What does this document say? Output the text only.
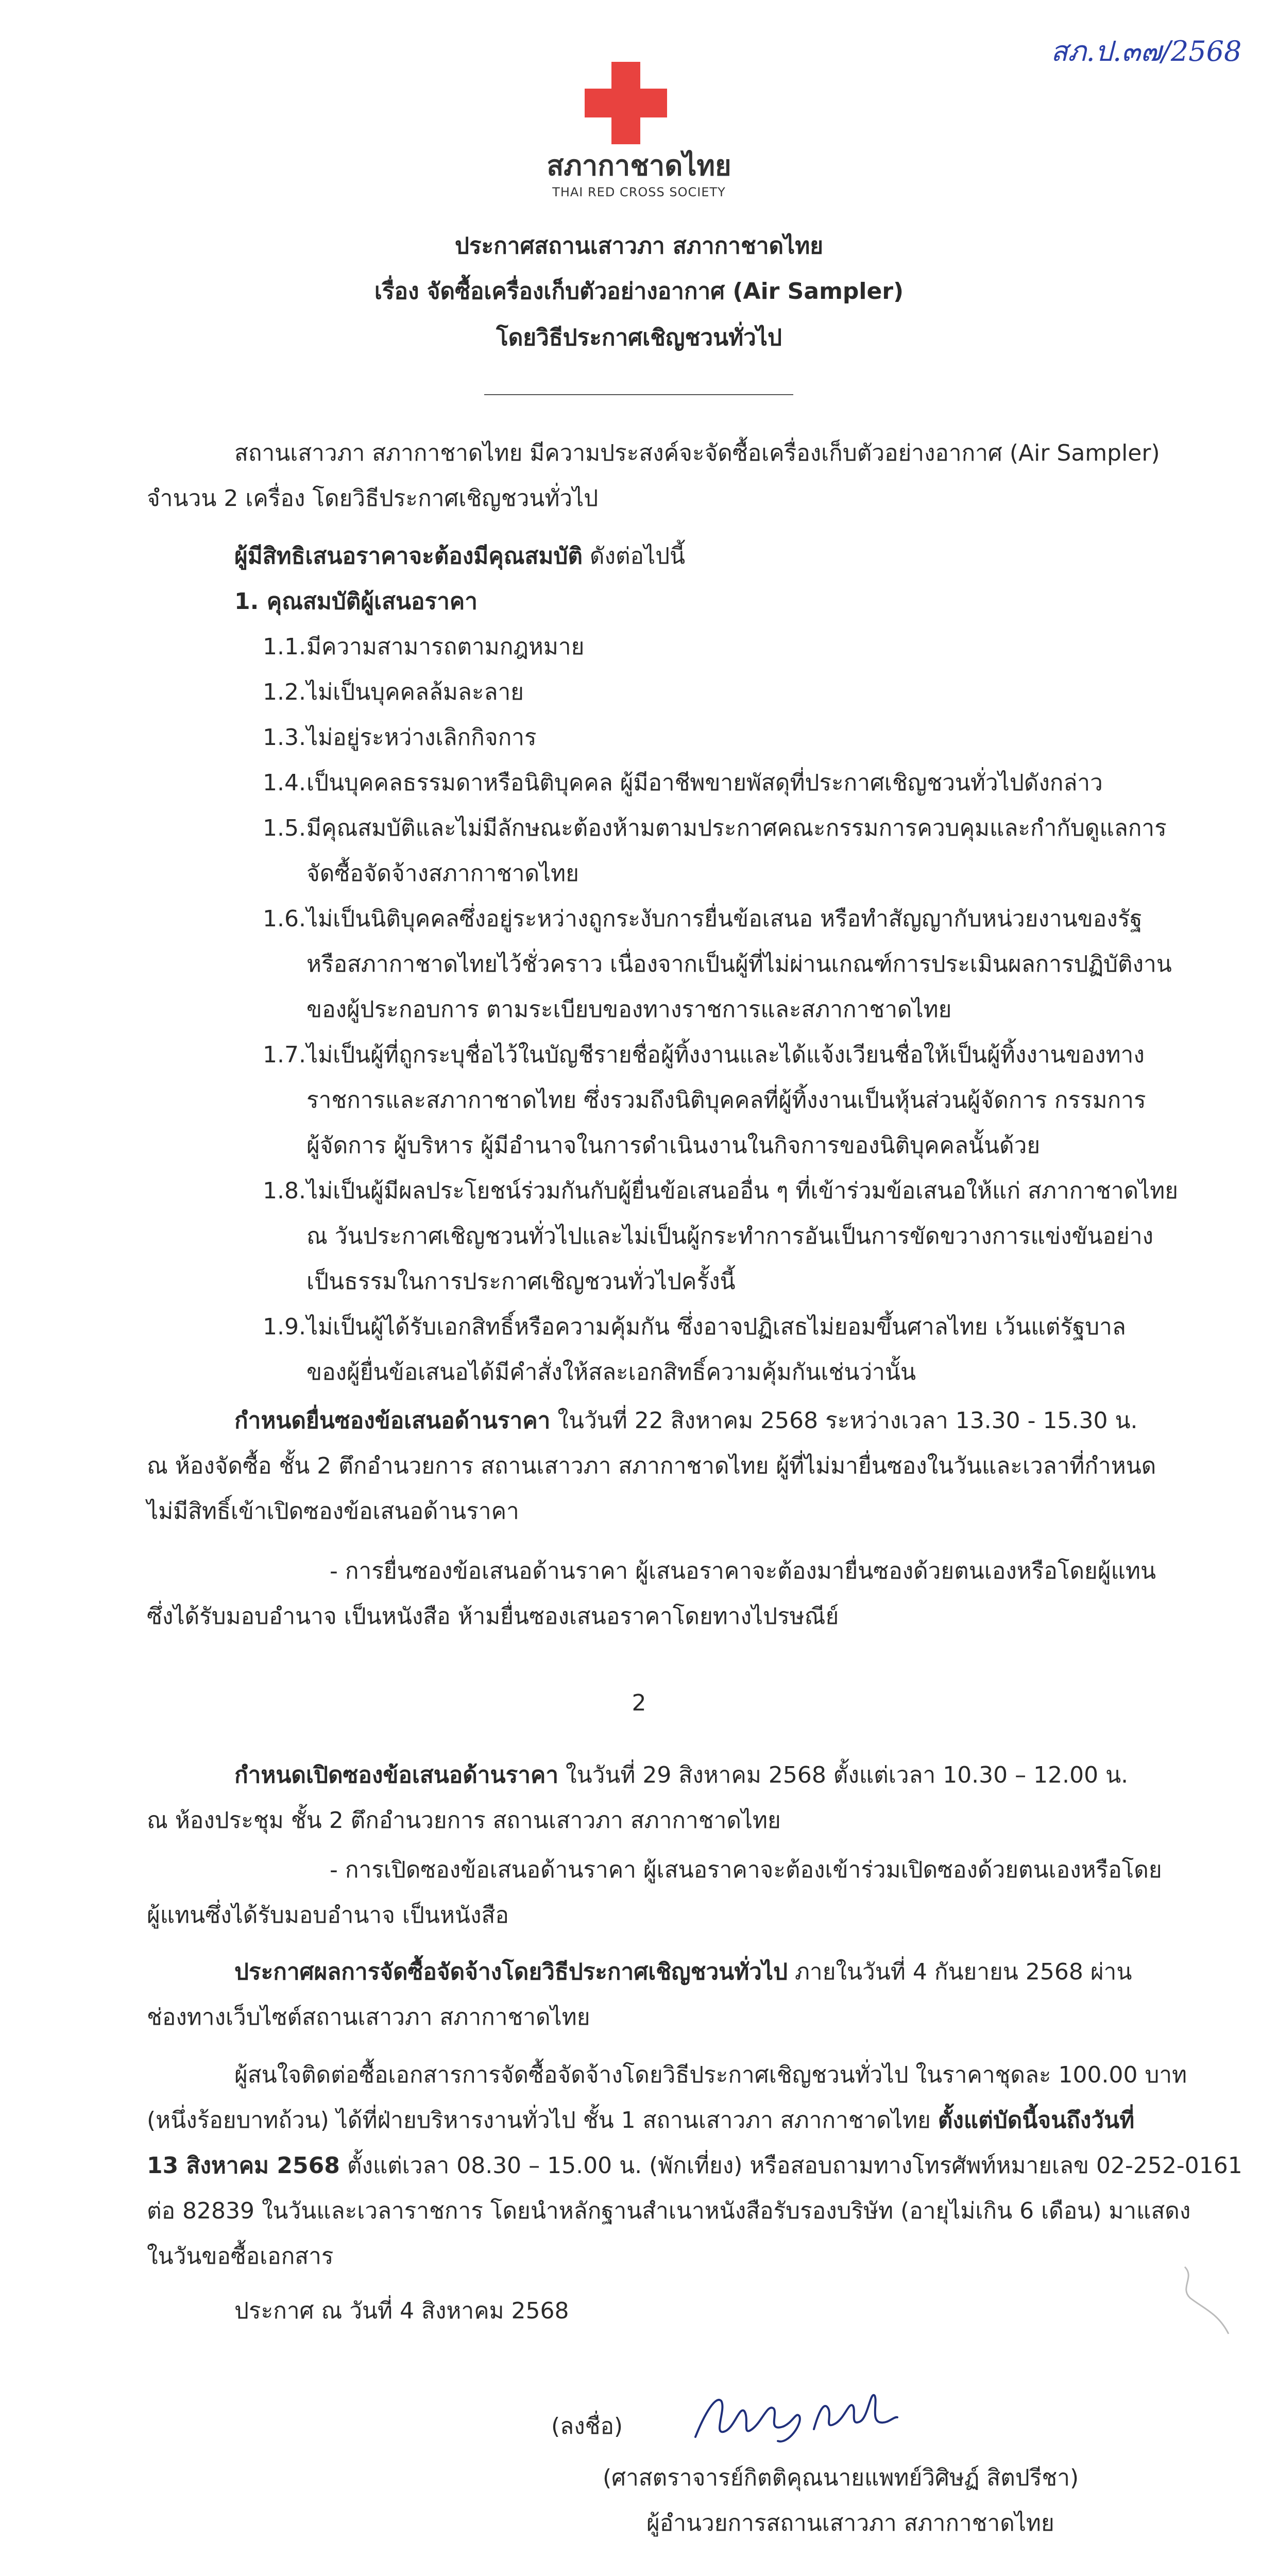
สภ.ป.๓๗/2568
สภากาชาดไทย
THAI RED CROSS SOCIETY
ประกาศสถานเสาวภา สภากาชาดไทย
เรื่อง จัดซื้อเครื่องเก็บตัวอย่างอากาศ (Air Sampler)
โดยวิธีประกาศเชิญชวนทั่วไป
สถานเสาวภา สภากาชาดไทย มีความประสงค์จะจัดซื้อเครื่องเก็บตัวอย่างอากาศ (Air Sampler)
จำนวน 2 เครื่อง โดยวิธีประกาศเชิญชวนทั่วไป
ผู้มีสิทธิเสนอราคาจะต้องมีคุณสมบัติ ดังต่อไปนี้
1. คุณสมบัติผู้เสนอราคา
1.1. มีความสามารถตามกฎหมาย
1.2. ไม่เป็นบุคคลล้มละลาย
1.3. ไม่อยู่ระหว่างเลิกกิจการ
1.4. เป็นบุคคลธรรมดาหรือนิติบุคคล ผู้มีอาชีพขายพัสดุที่ประกาศเชิญชวนทั่วไปดังกล่าว
1.5. มีคุณสมบัติและไม่มีลักษณะต้องห้ามตามประกาศคณะกรรมการควบคุมและกำกับดูแลการ
จัดซื้อจัดจ้างสภากาชาดไทย
1.6. ไม่เป็นนิติบุคคลซึ่งอยู่ระหว่างถูกระงับการยื่นข้อเสนอ หรือทำสัญญากับหน่วยงานของรัฐ
หรือสภากาชาดไทยไว้ชั่วคราว เนื่องจากเป็นผู้ที่ไม่ผ่านเกณฑ์การประเมินผลการปฏิบัติงาน
ของผู้ประกอบการ ตามระเบียบของทางราชการและสภากาชาดไทย
1.7. ไม่เป็นผู้ที่ถูกระบุชื่อไว้ในบัญชีรายชื่อผู้ทิ้งงานและได้แจ้งเวียนชื่อให้เป็นผู้ทิ้งงานของทาง
ราชการและสภากาชาดไทย ซึ่งรวมถึงนิติบุคคลที่ผู้ทิ้งงานเป็นหุ้นส่วนผู้จัดการ กรรมการ
ผู้จัดการ ผู้บริหาร ผู้มีอำนาจในการดำเนินงานในกิจการของนิติบุคคลนั้นด้วย
1.8. ไม่เป็นผู้มีผลประโยชน์ร่วมกันกับผู้ยื่นข้อเสนออื่น ๆ ที่เข้าร่วมข้อเสนอให้แก่ สภากาชาดไทย
ณ วันประกาศเชิญชวนทั่วไปและไม่เป็นผู้กระทำการอันเป็นการขัดขวางการแข่งขันอย่าง
เป็นธรรมในการประกาศเชิญชวนทั่วไปครั้งนี้
1.9. ไม่เป็นผู้ได้รับเอกสิทธิ์หรือความคุ้มกัน ซึ่งอาจปฏิเสธไม่ยอมขึ้นศาลไทย เว้นแต่รัฐบาล
ของผู้ยื่นข้อเสนอได้มีคำสั่งให้สละเอกสิทธิ์ความคุ้มกันเช่นว่านั้น
กำหนดยื่นซองข้อเสนอด้านราคา ในวันที่ 22 สิงหาคม 2568 ระหว่างเวลา 13.30 - 15.30 น.
ณ ห้องจัดซื้อ ชั้น 2 ตึกอำนวยการ สถานเสาวภา สภากาชาดไทย ผู้ที่ไม่มายื่นซองในวันและเวลาที่กำหนด
ไม่มีสิทธิ์เข้าเปิดซองข้อเสนอด้านราคา
- การยื่นซองข้อเสนอด้านราคา ผู้เสนอราคาจะต้องมายื่นซองด้วยตนเองหรือโดยผู้แทน
ซึ่งได้รับมอบอำนาจ เป็นหนังสือ ห้ามยื่นซองเสนอราคาโดยทางไปรษณีย์
2
กำหนดเปิดซองข้อเสนอด้านราคา ในวันที่ 29 สิงหาคม 2568 ตั้งแต่เวลา 10.30 – 12.00 น.
ณ ห้องประชุม ชั้น 2 ตึกอำนวยการ สถานเสาวภา สภากาชาดไทย
- การเปิดซองข้อเสนอด้านราคา ผู้เสนอราคาจะต้องเข้าร่วมเปิดซองด้วยตนเองหรือโดย
ผู้แทนซึ่งได้รับมอบอำนาจ เป็นหนังสือ
ประกาศผลการจัดซื้อจัดจ้างโดยวิธีประกาศเชิญชวนทั่วไป ภายในวันที่ 4 กันยายน 2568 ผ่าน
ช่องทางเว็บไซต์สถานเสาวภา สภากาชาดไทย
ผู้สนใจติดต่อซื้อเอกสารการจัดซื้อจัดจ้างโดยวิธีประกาศเชิญชวนทั่วไป ในราคาชุดละ 100.00 บาท
(หนึ่งร้อยบาทถ้วน) ได้ที่ฝ่ายบริหารงานทั่วไป ชั้น 1 สถานเสาวภา สภากาชาดไทย ตั้งแต่บัดนี้จนถึงวันที่
13 สิงหาคม 2568 ตั้งแต่เวลา 08.30 – 15.00 น. (พักเที่ยง) หรือสอบถามทางโทรศัพท์หมายเลข 02-252-0161
ต่อ 82839 ในวันและเวลาราชการ โดยนำหลักฐานสำเนาหนังสือรับรองบริษัท (อายุไม่เกิน 6 เดือน) มาแสดง
ในวันขอซื้อเอกสาร
ประกาศ ณ วันที่ 4 สิงหาคม 2568
(ลงชื่อ)
(ศาสตราจารย์กิตติคุณนายแพทย์วิศิษฏ์ สิตปรีชา)
ผู้อำนวยการสถานเสาวภา สภากาชาดไทย
